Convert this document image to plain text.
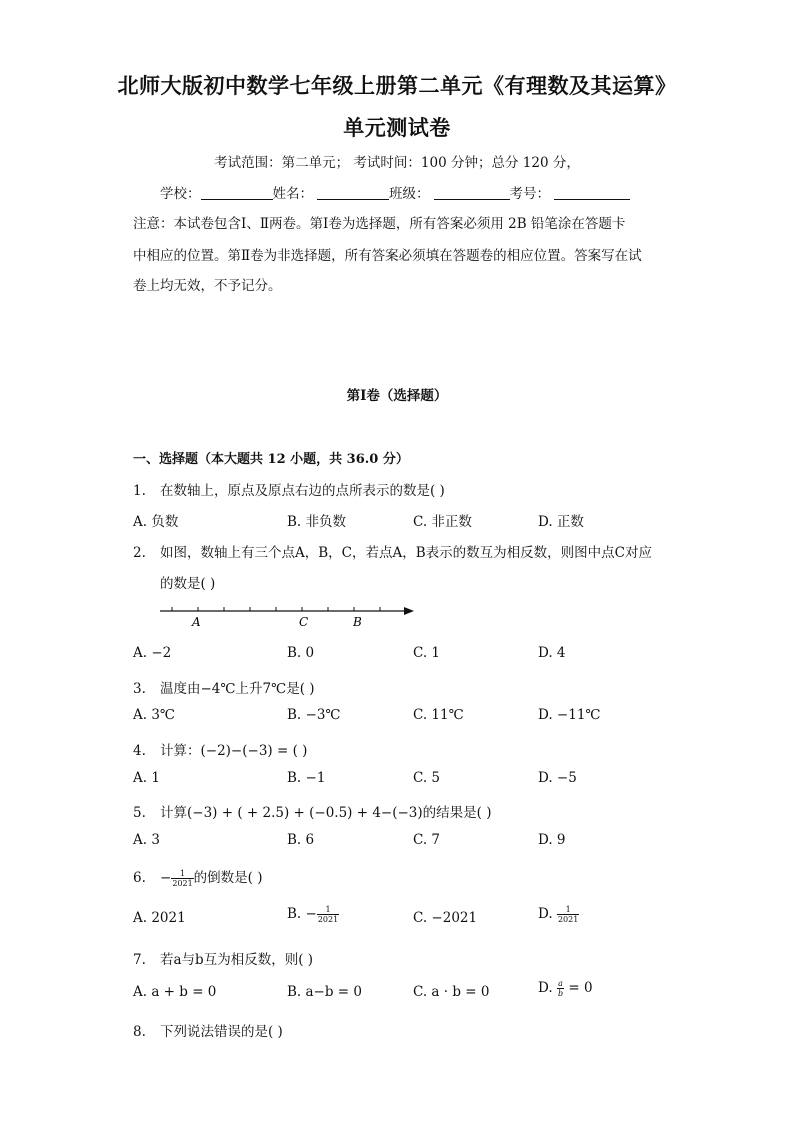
北师大版初中数学七年级上册第二单元《有理数及其运算》
单元测试卷
考试范围：第二单元； 考试时间：100 分钟；总分 120 分，
学校：	姓名：	班级：	考号：
注意：本试卷包含Ⅰ、Ⅱ两卷。第Ⅰ卷为选择题，所有答案必须用 2B 铅笔涂在答题卡
中相应的位置。第Ⅱ卷为非选择题，所有答案必须填在答题卷的相应位置。答案写在试
卷上均无效，不予记分。
第Ⅰ卷（选择题）
一、选择题（本大题共 12 小题，共 36.0 分）
1. 在数轴上，原点及原点右边的点所表示的数是( )
A. 负数	B. 非负数	C. 非正数	D. 正数
2. 如图，数轴上有三个点A，B，C，若点A，B表示的数互为相反数，则图中点C对应
的数是( )
A	C	B
A. −2	B. 0	C. 1	D. 4
3. 温度由−4℃上升7℃是( )
A. 3℃	B. −3℃	C. 11℃	D. −11℃
4. 计算：(−2)−(−3) = ( )
A. 1	B. −1	C. 5	D. −5
5. 计算(−3) + ( + 2.5) + (−0.5) + 4−(−3)的结果是( )
A. 3	B. 6	C. 7	D. 9
6. − $\frac{1}{2021}$ 的倒数是( )
A. 2021	B. − $\frac{1}{2021}$	C. −2021	D. $\frac{1}{2021}$
7. 若a与b互为相反数，则( )
A. a + b = 0	B. a−b = 0	C. a · b = 0	D. $\frac{a}{b} = 0$
8. 下列说法错误的是( )
